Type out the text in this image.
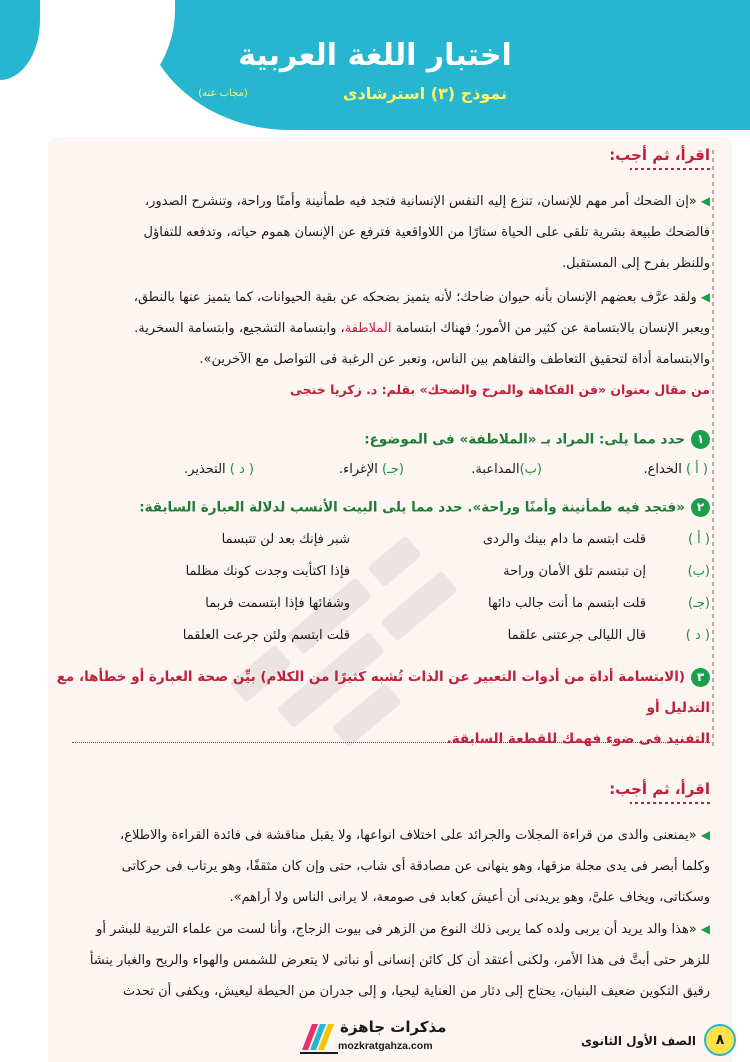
اختبار اللغة العربية
نموذج (٣) استرشادى
(مجاب عنه)
اقرأ، ثم أجب:
◀«إن الضحك أمر مهم للإنسان، تنزع إليه النفس الإنسانية فتجد فيه طمأنينة وأمنًا وراحة، وتنشرح الصدور،
فالضحك طبيعة بشرية تلقى على الحياة ستارًا من اللاواقعية فترفع عن الإنسان هموم حياته، وتدفعه للتفاؤل
وللنظر بفرح إلى المستقبل.
◀ولقد عرَّف بعضهم الإنسان بأنه حيوان ضاحك؛ لأنه يتميز بضحكه عن بقية الحيوانات، كما يتميز عنها بالنطق،
ويعبر الإنسان بالابتسامة عن كثير من الأمور؛ فهناك ابتسامة الملاطفة، وابتسامة التشجيع، وابتسامة السخرية.
والابتسامة أداة لتحقيق التعاطف والتفاهم بين الناس، وتعبر عن الرغبة فى التواصل مع الآخرين».
من مقال بعنوان «فن الفكاهة والمرح والضحك» بقلم: د. زكريا خنجى
١حدد مما يلى: المراد بـ «الملاطفة» فى الموضوع:
( أ ) الخداع.
(ب)المداعبة.
(جـ) الإغراء.
( د ) التحذير.
٢«فتجد فيه طمأنينة وأمنًا وراحة». حدد مما يلى البيت الأنسب لدلالة العبارة السابقة:
( أ )
قلت ابتسم ما دام بينك والردى
شبر فإنك بعد لن تتبسما
(ب)
إن تبتسم تلق الأمان وراحة
فإذا اكتأبت وجدت كونك مظلما
(جـ)
قلت ابتسم ما أنت جالب دائها
وشفائها فإذا ابتسمت فربما
( د )
قال الليالى جرعتنى علقما
قلت ابتسم ولئن جرعت العلقما
٣(الابتسامة أداة من أدوات التعبير عن الذات تُشبه كثيرًا من الكلام) بيِّن صحة العبارة أو خطأها، مع التدليل أو
التفنيد فى ضوء فهمك للقطعة السابقة.
اقرأ، ثم أجب:
◀«يمنعنى والدى من قراءة المجلات والجرائد على اختلاف انواعها، ولا يقبل مناقشة فى فائدة القراءة والاطلاع،
وكلما أبصر فى يدى مجلة مزقها، وهو ينهانى عن مصادقة أى شاب، حتى وإن كان مثقفًا، وهو يرتاب فى حركاتى
وسكناتى، ويخاف علىَّ، وهو يريدنى أن أعيش كعابد فى صومعة، لا يرانى الناس ولا أراهم».
◀«هذا والد يريد أن يربى ولده كما يربى ذلك النوع من الزهر فى بيوت الزجاج، وأنا لست من علماء التربية للبشر أو
للزهر حتى أبتَّ فى هذا الأمر، ولكنى أعتقد أن كل كائن إنسانى أو نباتى لا يتعرض للشمس والهواء والريح والغبار ينشأ
رقيق التكوين ضعيف البنيان، يحتاج إلى دثار من العناية ليحيا، و إلى جدران من الحيطة ليعيش، ويكفى أن تحدث
٨
الصف الأول الثانوى
مذكرات جاهزة
mozkratgahza.com
